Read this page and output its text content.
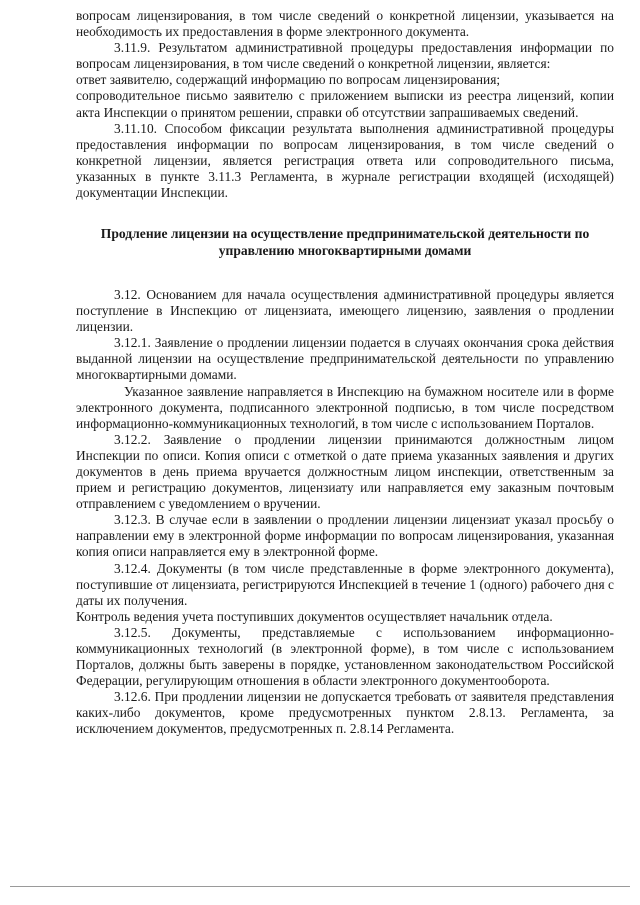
вопросам лицензирования, в том числе сведений о конкретной лицензии, указывается на необходимость их предоставления в форме электронного документа.

3.11.9. Результатом административной процедуры предоставления информации по вопросам лицензирования, в том числе сведений о конкретной лицензии, является:

ответ заявителю, содержащий информацию по вопросам лицензирования;

сопроводительное письмо заявителю с приложением выписки из реестра лицензий, копии акта Инспекции о принятом решении, справки об отсутствии запрашиваемых сведений.

3.11.10. Способом фиксации результата выполнения административной процедуры предоставления информации по вопросам лицензирования, в том числе сведений о конкретной лицензии, является регистрация ответа или сопроводительного письма, указанных в пункте 3.11.3 Регламента, в журнале регистрации входящей (исходящей) документации Инспекции.

Продление лицензии на осуществление предпринимательской деятельности по управлению многоквартирными домами

3.12. Основанием для начала осуществления административной процедуры является поступление в Инспекцию от лицензиата, имеющего лицензию, заявления о продлении лицензии.

3.12.1. Заявление о продлении лицензии подается в случаях окончания срока действия выданной лицензии на осуществление предпринимательской деятельности по управлению многоквартирными домами.

Указанное заявление направляется в Инспекцию на бумажном носителе или в форме электронного документа, подписанного электронной подписью, в том числе посредством информационно-коммуникационных технологий, в том числе с использованием Порталов.

3.12.2. Заявление о продлении лицензии принимаются должностным лицом Инспекции по описи. Копия описи с отметкой о дате приема указанных заявления и других документов в день приема вручается должностным лицом инспекции, ответственным за прием и регистрацию документов, лицензиату или направляется ему заказным почтовым отправлением с уведомлением о вручении.

3.12.3. В случае если в заявлении о продлении лицензии лицензиат указал просьбу о направлении ему в электронной форме информации по вопросам лицензирования, указанная копия описи направляется ему в электронной форме.

3.12.4. Документы (в том числе представленные в форме электронного документа), поступившие от лицензиата, регистрируются Инспекцией в течение 1 (одного) рабочего дня с даты их получения.

Контроль ведения учета поступивших документов осуществляет начальник отдела.

3.12.5. Документы, представляемые с использованием информационно-коммуникационных технологий (в электронной форме), в том числе с использованием Порталов, должны быть заверены в порядке, установленном законодательством Российской Федерации, регулирующим отношения в области электронного документооборота.

3.12.6. При продлении лицензии не допускается требовать от заявителя представления каких-либо документов, кроме предусмотренных пунктом 2.8.13. Регламента, за исключением документов, предусмотренных п. 2.8.14 Регламента.
